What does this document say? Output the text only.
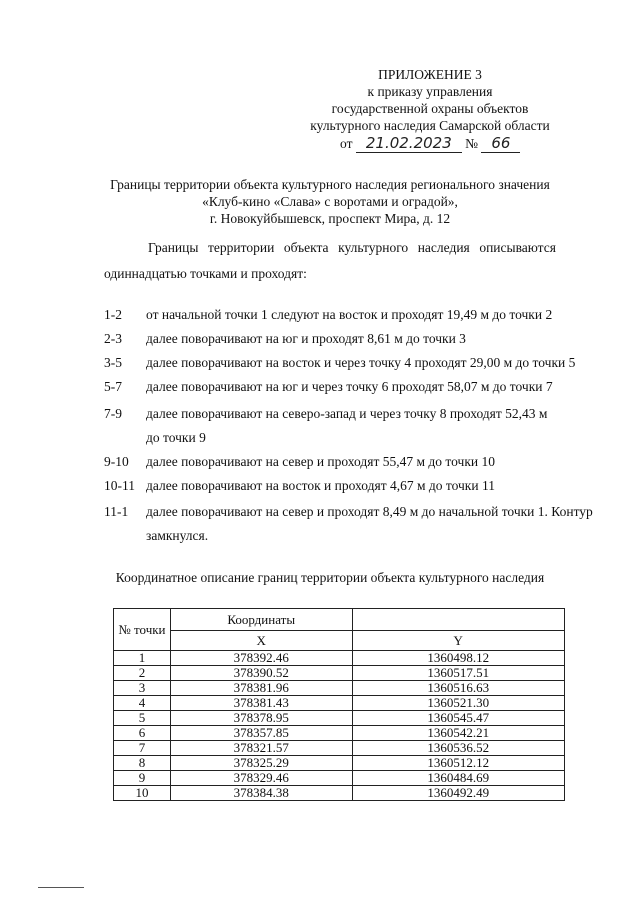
ПРИЛОЖЕНИЕ 3
к приказу управления
государственной охраны объектов
культурного наследия Самарской области
от 21.02.2023 № 66
Границы территории объекта культурного наследия регионального значения
«Клуб-кино «Слава» с воротами и оградой»,
г. Новокуйбышевск, проспект Мира, д. 12
Границы территории объекта культурного наследия описываются
одиннадцатью точками и проходят:
1-2	от начальной точки 1 следуют на восток и проходят 19,49 м до точки 2
2-3	далее поворачивают на юг и проходят 8,61 м до точки 3
3-5	далее поворачивают на восток и через точку 4 проходят 29,00 м до точки 5
5-7	далее поворачивают на юг и через точку 6 проходят 58,07 м до точки 7
7-9	далее поворачивают на северо-запад и через точку 8 проходят 52,43 м
до точки 9
9-10	далее поворачивают на север и проходят 55,47 м до точки 10
10-11 далее поворачивают на восток и проходят 4,67 м до точки 11
11-1	далее поворачивают на север и проходят 8,49 м до начальной точки 1. Контур
замкнулся.
Координатное описание границ территории объекта культурного наследия
№ точки	Координаты	
	X	Y
1	378392.46	1360498.12
2	378390.52	1360517.51
3	378381.96	1360516.63
4	378381.43	1360521.30
5	378378.95	1360545.47
6	378357.85	1360542.21
7	378321.57	1360536.52
8	378325.29	1360512.12
9	378329.46	1360484.69
10	378384.38	1360492.49
